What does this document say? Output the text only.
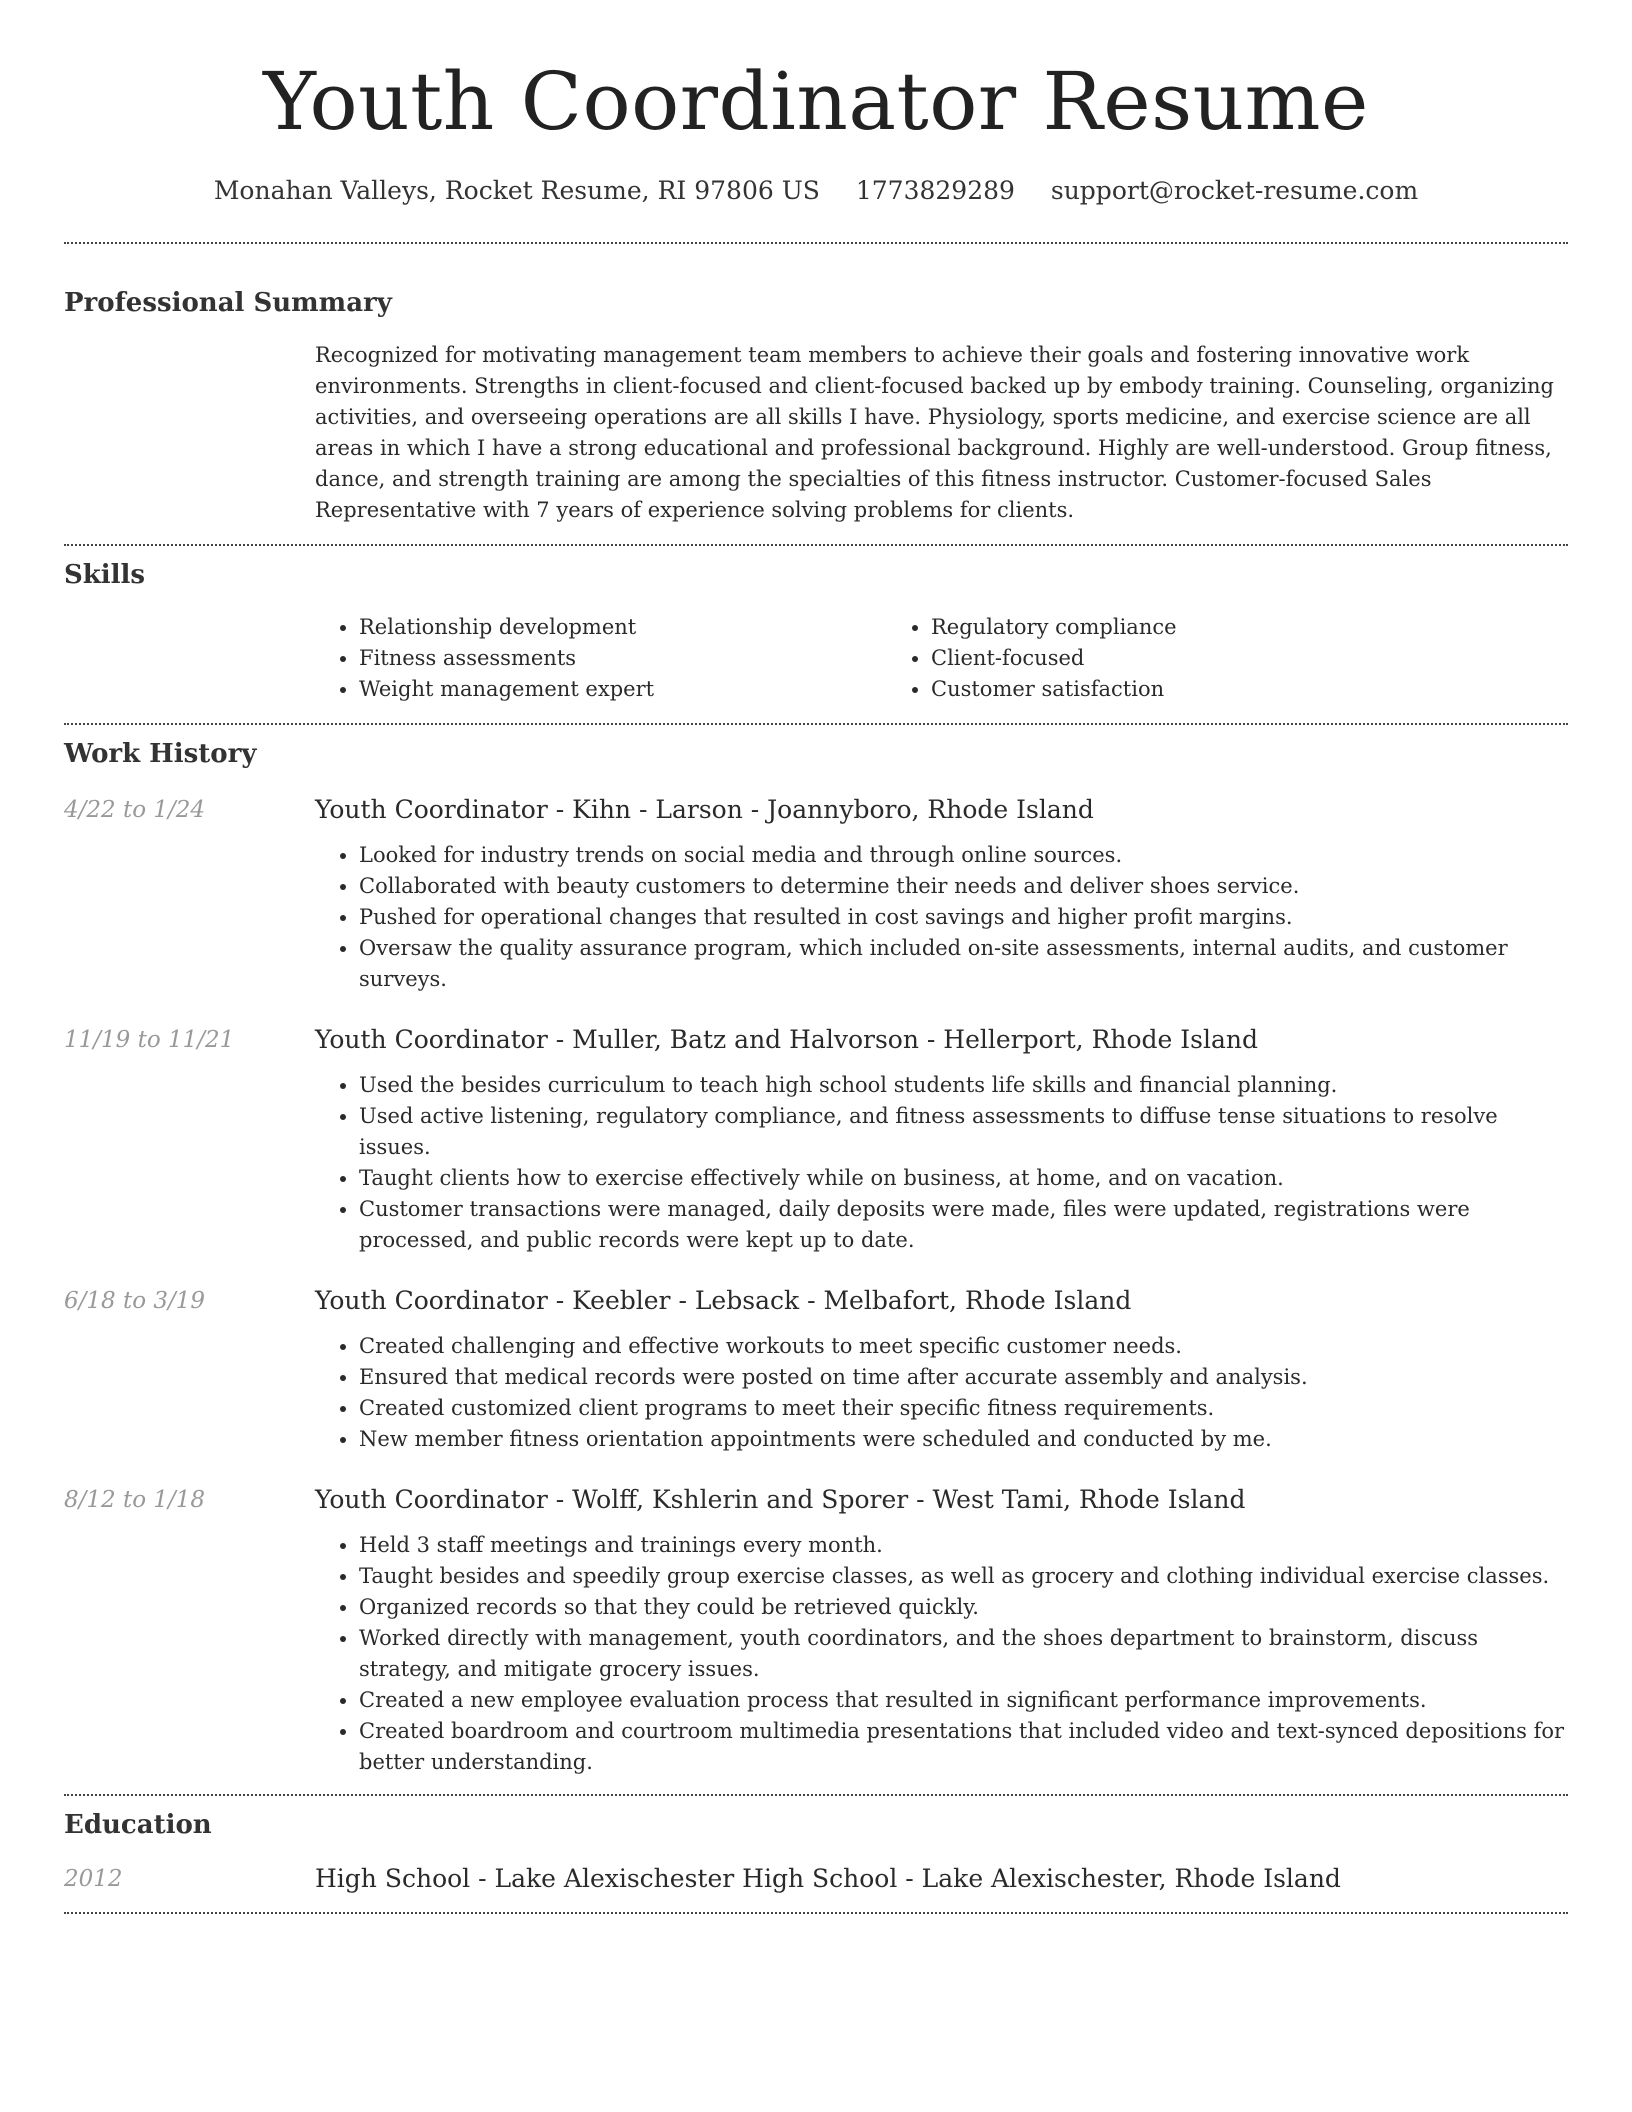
Youth Coordinator Resume
Monahan Valleys, Rocket Resume, RI 97806 US 1773829289 support@rocket-resume.com
Professional Summary
Recognized for motivating management team members to achieve their goals and fostering innovative work environments. Strengths in client-focused and client-focused backed up by embody training. Counseling, organizing activities, and overseeing operations are all skills I have. Physiology, sports medicine, and exercise science are all areas in which I have a strong educational and professional background. Highly are well-understood. Group fitness, dance, and strength training are among the specialties of this fitness instructor. Customer-focused Sales Representative with 7 years of experience solving problems for clients.
Skills
• Relationship development
• Fitness assessments
• Weight management expert
• Regulatory compliance
• Client-focused
• Customer satisfaction
Work History
4/22 to 1/24	Youth Coordinator - Kihn - Larson - Joannyboro, Rhode Island
• Looked for industry trends on social media and through online sources.
• Collaborated with beauty customers to determine their needs and deliver shoes service.
• Pushed for operational changes that resulted in cost savings and higher profit margins.
• Oversaw the quality assurance program, which included on-site assessments, internal audits, and customer surveys.
11/19 to 11/21	Youth Coordinator - Muller, Batz and Halvorson - Hellerport, Rhode Island
• Used the besides curriculum to teach high school students life skills and financial planning.
• Used active listening, regulatory compliance, and fitness assessments to diffuse tense situations to resolve issues.
• Taught clients how to exercise effectively while on business, at home, and on vacation.
• Customer transactions were managed, daily deposits were made, files were updated, registrations were processed, and public records were kept up to date.
6/18 to 3/19	Youth Coordinator - Keebler - Lebsack - Melbafort, Rhode Island
• Created challenging and effective workouts to meet specific customer needs.
• Ensured that medical records were posted on time after accurate assembly and analysis.
• Created customized client programs to meet their specific fitness requirements.
• New member fitness orientation appointments were scheduled and conducted by me.
8/12 to 1/18	Youth Coordinator - Wolff, Kshlerin and Sporer - West Tami, Rhode Island
• Held 3 staff meetings and trainings every month.
• Taught besides and speedily group exercise classes, as well as grocery and clothing individual exercise classes.
• Organized records so that they could be retrieved quickly.
• Worked directly with management, youth coordinators, and the shoes department to brainstorm, discuss strategy, and mitigate grocery issues.
• Created a new employee evaluation process that resulted in significant performance improvements.
• Created boardroom and courtroom multimedia presentations that included video and text-synced depositions for better understanding.
Education
2012	High School - Lake Alexischester High School - Lake Alexischester, Rhode Island
